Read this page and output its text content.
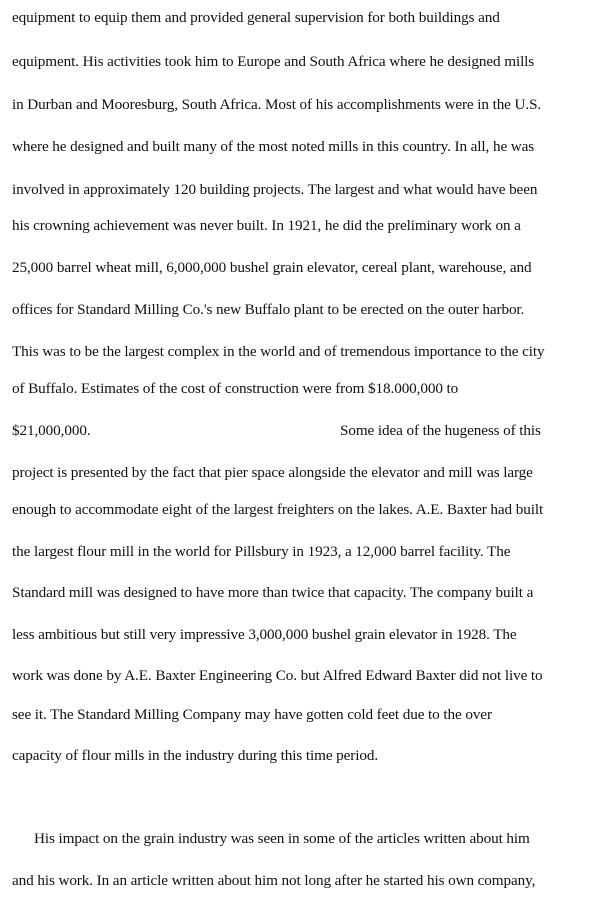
equipment to equip them and provided general supervision for both buildings and
equipment. His activities took him to Europe and South Africa where he designed mills
in Durban and Mooresburg, South Africa. Most of his accomplishments were in the U.S.
where he designed and built many of the most noted mills in this country. In all, he was
involved in approximately 120 building projects. The largest and what would have been
his crowning achievement was never built. In 1921, he did the preliminary work on a
25,000 barrel wheat mill, 6,000,000 bushel grain elevator, cereal plant, warehouse, and
offices for Standard Milling Co.'s new Buffalo plant to be erected on the outer harbor.
This was to be the largest complex in the world and of tremendous importance to the city
of Buffalo. Estimates of the cost of construction were from $18.000,000 to
$21,000,000.	Some idea of the hugeness of this
project is presented by the fact that pier space alongside the elevator and mill was large
enough to accommodate eight of the largest freighters on the lakes. A.E. Baxter had built
the largest flour mill in the world for Pillsbury in 1923, a 12,000 barrel facility. The
Standard mill was designed to have more than twice that capacity. The company built a
less ambitious but still very impressive 3,000,000 bushel grain elevator in 1928. The
work was done by A.E. Baxter Engineering Co. but Alfred Edward Baxter did not live to
see it. The Standard Milling Company may have gotten cold feet due to the over
capacity of flour mills in the industry during this time period.
His impact on the grain industry was seen in some of the articles written about him
and his work. In an article written about him not long after he started his own company,
